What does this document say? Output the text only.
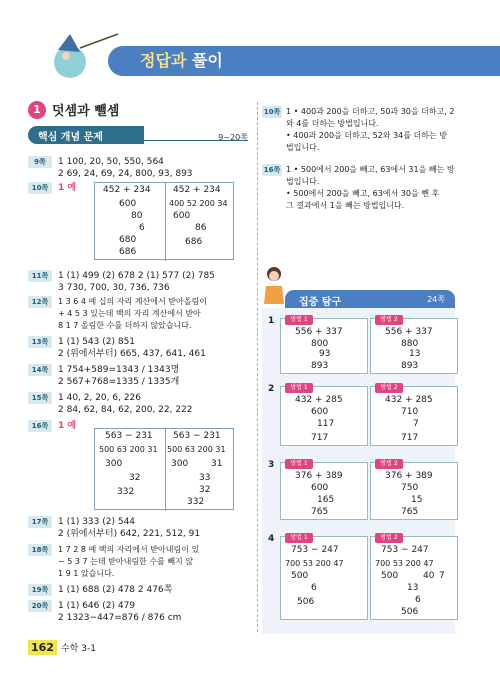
정답과 풀이
1 덧셈과 뺄셈
핵심 개념 문제	9~20쪽
9쪽	1 100, 20, 50, 550, 564
2 69, 24, 69, 24, 800, 93, 893
10쪽	1 예	452 + 234
600
80
6
680
686
452 + 234
400 52 200 34
600
86
686
11쪽	1 (1) 499 (2) 678 2 (1) 577 (2) 785
3 730, 700, 30, 736, 736
12쪽	1 3 6 4 예 십의 자리 계산에서 받아올림이
+ 4 5 3 있는데 백의 자리 계산에서 받아
8 1 7 올림한 수를 더하지 않았습니다.
13쪽	1 (1) 543 (2) 851
2 (위에서부터) 665, 437, 641, 461
14쪽	1 754+589=1343 / 1343명
2 567+768=1335 / 1335개
15쪽	1 40, 2, 20, 6, 226
2 84, 62, 84, 62, 200, 22, 222
16쪽	1 예
563 − 231
500 63 200 31
300
32
332
563 − 231
500 63 200 31
300	31
33
32
332
17쪽	1 (1) 333 (2) 544
2 (위에서부터) 642, 221, 512, 91
18쪽	1 7 2 8 예 백의 자리에서 받아내림이 있
− 5 3 7 는데 받아내림한 수를 빼지 않
1 9 1 았습니다.
19쪽	1 (1) 688 (2) 478 2 476쪽
20쪽	1 (1) 646 (2) 479
2 1323−447=876 / 876 cm
10쪽 1 • 400과 200을 더하고, 50과 30을 더하고, 2
와 4를 더하는 방법입니다.
• 400과 200을 더하고, 52와 34를 더하는 방
법입니다.
16쪽 1 • 500에서 200을 빼고, 63에서 31을 빼는 방
법입니다.
• 500에서 200을 빼고, 63에서 30을 뺀 후
그 결과에서 1을 빼는 방법입니다.
집중 탐구	24쪽
1	방법 1
556 + 337
800
93
893
방법 2
556 + 337
880
13
893
2	방법 1
432 + 285
600
117
717
방법 2
432 + 285
710
7
717
3	방법 1
376 + 389
600
165
765
방법 2
376 + 389
750
15
765
4	방법 1
753 − 247
700 53 200 47
500
6
506
방법 2
753 − 247
700 53 200 47
500	40 7
13
6
506
162 수학 3-1
